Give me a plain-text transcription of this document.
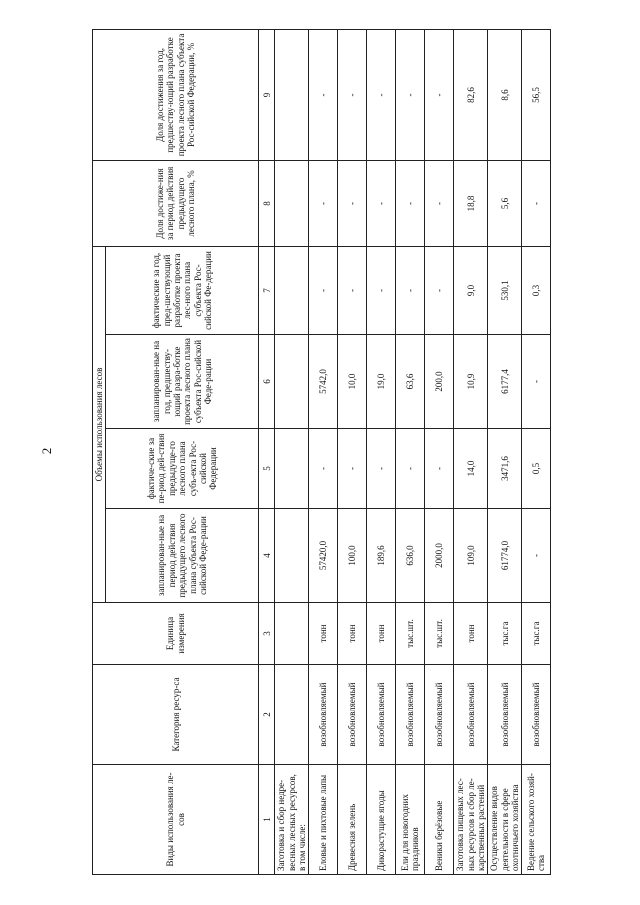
2
Виды использования ле-сов	Категория ресур-са	Единица измерения	Объемы использования лесов				Доля достиже-ния за период действия предыдущего лесного плана, %	Доля достижения за год, предшеству-ющий разработке проекта лесного плана субъекта Рос-сийской Федерации, %
			запланирован-ные на период действия предыдущего лесного плана субъекта Рос-сийской Феде-рации	фактиче-ские за пе-риод дей-ствия предыдуще-го лесного плана субъ-екта Рос-сийской Федерации	запланирован-ные на год, предшеству-ющий разра-ботке проекта лесного плана субъекта Рос-сийской Феде-рации	фактические за год, пред-шествующий разработке проекта лес-ного плана субъекта Рос-сийской Фе-дерации		
1	2	3	4	5	6	7	8	9
Заготовка и сбор недре-весных лесных ресурсов, в том числе:								
Еловые и пихтовые лапы	возобновляемый	тонн	57420,0	-	5742,0	-	-	-
Древесная зелень	возобновляемый	тонн	100,0	-	10,0	-	-	-
Дикорастущие ягоды	возобновляемый	тонн	189,6	-	19,0	-	-	-
Ели для новогодних праздников	возобновляемый	тыс.шт.	636,0	-	63,6	-	-	-
Веники берёзовые	возобновляемый	тыс.шт.	2000,0	-	200,0	-	-	-
Заготовка пищевых лес-ных ресурсов и сбор ле-карственных растений	возобновляемый	тонн	109,0	14,0	10,9	9,0	18,8	82,6
Осуществление видов деятельности в сфере охотничьего хозяйства	возобновляемый	тыс.га	61774,0	3471,6	6177,4	530,1	5,6	8,6
Ведение сельского хозяй-ства	возобновляемый	тыс.га	-	0,5	-	0,3	-	56,5
